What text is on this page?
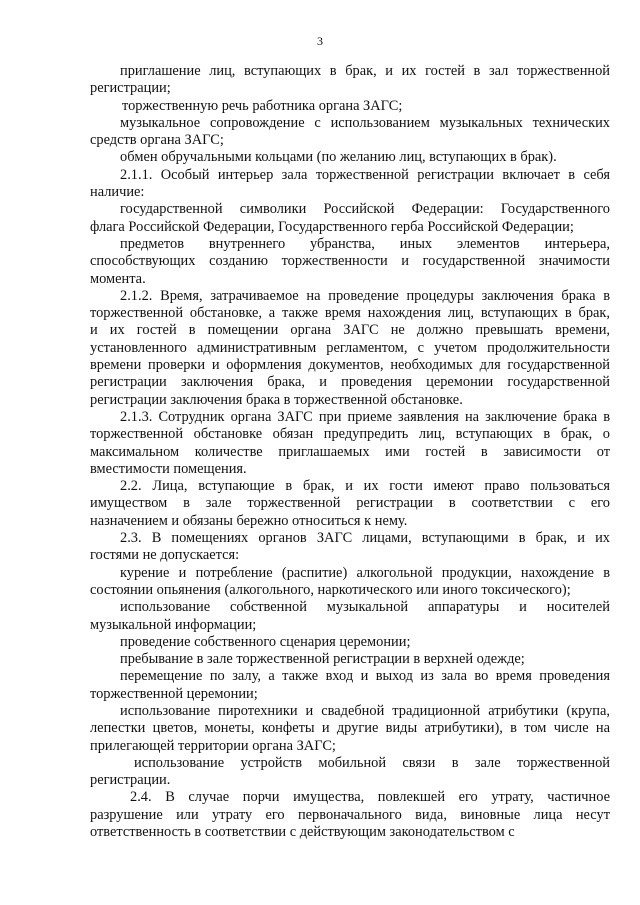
3

приглашение лиц, вступающих в брак, и их гостей в зал торжественной

регистрации;

торжественную речь работника органа ЗАГС;

музыкальное сопровождение с использованием музыкальных технических

средств органа ЗАГС;

обмен обручальными кольцами (по желанию лиц, вступающих в брак).

2.1.1. Особый интерьер зала торжественной регистрации включает в себя

наличие:

государственной символики Российской Федерации: Государственного

флага Российской Федерации, Государственного герба Российской Федерации;

предметов внутреннего убранства, иных элементов интерьера,

способствующих созданию торжественности и государственной значимости

момента.

2.1.2. Время, затрачиваемое на проведение процедуры заключения брака в

торжественной обстановке, а также время нахождения лиц, вступающих в брак,

и их гостей в помещении органа ЗАГС не должно превышать времени,

установленного административным регламентом, с учетом продолжительности

времени проверки и оформления документов, необходимых для государственной

регистрации заключения брака, и проведения церемонии государственной

регистрации заключения брака в торжественной обстановке.

2.1.3. Сотрудник органа ЗАГС при приеме заявления на заключение брака в

торжественной обстановке обязан предупредить лиц, вступающих в брак, о

максимальном количестве приглашаемых ими гостей в зависимости от

вместимости помещения.

2.2. Лица, вступающие в брак, и их гости имеют право пользоваться

имуществом в зале торжественной регистрации в соответствии с его

назначением и обязаны бережно относиться к нему.

2.3. В помещениях органов ЗАГС лицами, вступающими в брак, и их

гостями не допускается:

курение и потребление (распитие) алкогольной продукции, нахождение в

состоянии опьянения (алкогольного, наркотического или иного токсического);

использование собственной музыкальной аппаратуры и носителей

музыкальной информации;

проведение собственного сценария церемонии;

пребывание в зале торжественной регистрации в верхней одежде;

перемещение по залу, а также вход и выход из зала во время проведения

торжественной церемонии;

использование пиротехники и свадебной традиционной атрибутики (крупа,

лепестки цветов, монеты, конфеты и другие виды атрибутики), в том числе на

прилегающей территории органа ЗАГС;

использование устройств мобильной связи в зале торжественной

регистрации.

2.4. В случае порчи имущества, повлекшей его утрату, частичное

разрушение или утрату его первоначального вида, виновные лица несут

ответственность в соответствии с действующим законодательством с
